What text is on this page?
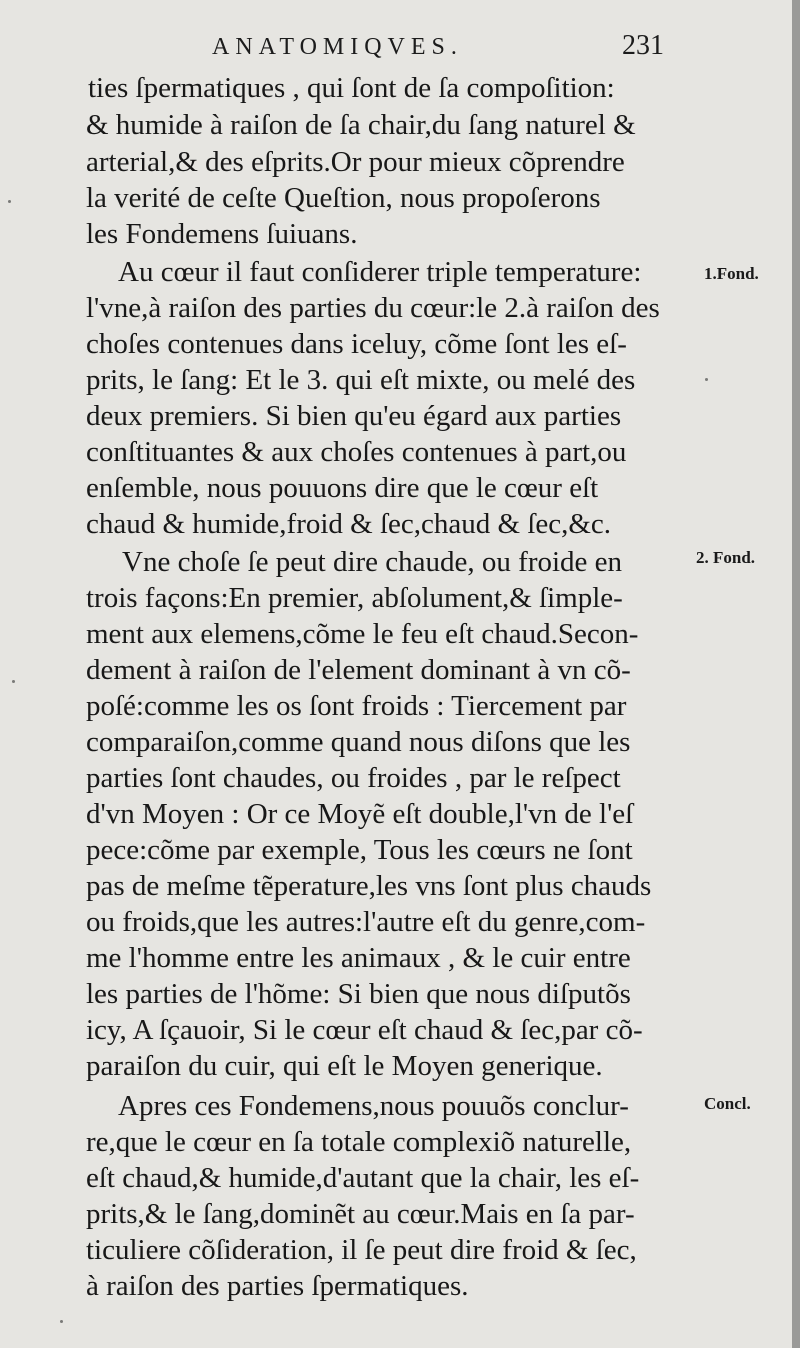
ANATOMIQVES.	231
ties ſpermatiques , qui ſont de ſa compoſition:
& humide à raiſon de ſa chair,du ſang naturel &
arterial,& des eſprits.Or pour mieux cõprendre
la verité de ceſte Queſtion, nous propoſerons
les Fondemens ſuiuans.
Au cœur il faut conſiderer triple temperature:
l'vne,à raiſon des parties du cœur:le 2.à raiſon des
choſes contenues dans iceluy, cõme ſont les eſ-
prits, le ſang: Et le 3. qui eſt mixte, ou melé des
deux premiers. Si bien qu'eu égard aux parties
conſtituantes & aux choſes contenues à part,ou
enſemble, nous pouuons dire que le cœur eſt
chaud & humide,froid & ſec,chaud & ſec,&c.
Vne choſe ſe peut dire chaude, ou froide en
trois façons:En premier, abſolument,& ſimple-
ment aux elemens,cõme le feu eſt chaud.Secon-
dement à raiſon de l'element dominant à vn cõ-
poſé:comme les os ſont froids : Tiercement par
comparaiſon,comme quand nous diſons que les
parties ſont chaudes, ou froides , par le reſpect
d'vn Moyen : Or ce Moyẽ eſt double,l'vn de l'eſ
pece:cõme par exemple, Tous les cœurs ne ſont
pas de meſme tẽperature,les vns ſont plus chauds
ou froids,que les autres:l'autre eſt du genre,com-
me l'homme entre les animaux , & le cuir entre
les parties de l'hõme: Si bien que nous diſputõs
icy, A ſçauoir, Si le cœur eſt chaud & ſec,par cõ-
paraiſon du cuir, qui eſt le Moyen generique.
Apres ces Fondemens,nous pouuõs conclur-
re,que le cœur en ſa totale complexiõ naturelle,
eſt chaud,& humide,d'autant que la chair, les eſ-
prits,& le ſang,dominẽt au cœur.Mais en ſa par-
ticuliere cõſideration, il ſe peut dire froid & ſec,
à raiſon des parties ſpermatiques.
1.Fond.
2. Fond.
Concl.
